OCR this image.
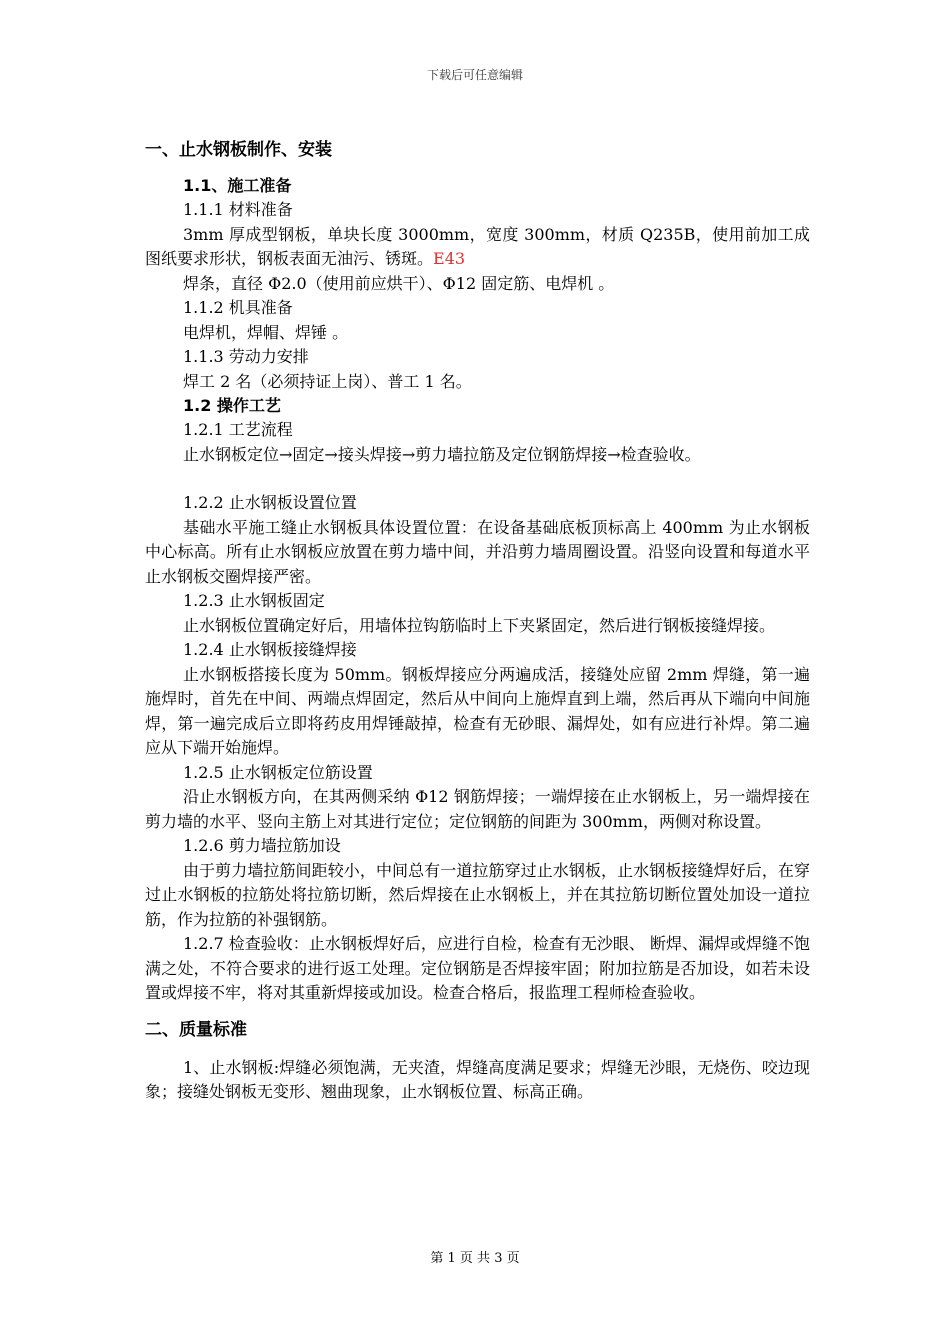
下载后可任意编辑

一、止水钢板制作、安装

1.1、施工准备

1.1.1 材料准备

3mm 厚成型钢板，单块长度 3000mm，宽度 300mm，材质 Q235B，使用前加工成图纸要求形状，钢板表面无油污、锈斑。E43

焊条，直径 Φ2.0（使用前应烘干）、Φ12 固定筋、电焊机 。

1.1.2 机具准备

电焊机，焊帽、焊锤 。

1.1.3 劳动力安排

焊工 2 名（必须持证上岗）、普工 1 名。

1.2 操作工艺

1.2.1 工艺流程

止水钢板定位→固定→接头焊接→剪力墙拉筋及定位钢筋焊接→检查验收。

1.2.2 止水钢板设置位置

基础水平施工缝止水钢板具体设置位置：在设备基础底板顶标高上 400mm 为止水钢板中心标高。所有止水钢板应放置在剪力墙中间，并沿剪力墙周圈设置。沿竖向设置和每道水平止水钢板交圈焊接严密。

1.2.3 止水钢板固定

止水钢板位置确定好后，用墙体拉钩筋临时上下夹紧固定，然后进行钢板接缝焊接。

1.2.4 止水钢板接缝焊接

止水钢板搭接长度为 50mm。钢板焊接应分两遍成活，接缝处应留 2mm 焊缝，第一遍施焊时，首先在中间、两端点焊固定，然后从中间向上施焊直到上端，然后再从下端向中间施焊，第一遍完成后立即将药皮用焊锤敲掉，检查有无砂眼、漏焊处，如有应进行补焊。第二遍应从下端开始施焊。

1.2.5 止水钢板定位筋设置

沿止水钢板方向，在其两侧采纳 Φ12 钢筋焊接；一端焊接在止水钢板上，另一端焊接在剪力墙的水平、竖向主筋上对其进行定位；定位钢筋的间距为 300mm，两侧对称设置。

1.2.6 剪力墙拉筋加设

由于剪力墙拉筋间距较小，中间总有一道拉筋穿过止水钢板，止水钢板接缝焊好后，在穿过止水钢板的拉筋处将拉筋切断，然后焊接在止水钢板上，并在其拉筋切断位置处加设一道拉筋，作为拉筋的补强钢筋。

1.2.7 检查验收：止水钢板焊好后，应进行自检，检查有无沙眼、 断焊、漏焊或焊缝不饱满之处，不符合要求的进行返工处理。定位钢筋是否焊接牢固；附加拉筋是否加设，如若未设置或焊接不牢，将对其重新焊接或加设。检查合格后，报监理工程师检查验收。

二、质量标准

1、止水钢板:焊缝必须饱满，无夹渣，焊缝高度满足要求；焊缝无沙眼，无烧伤、咬边现象；接缝处钢板无变形、翘曲现象，止水钢板位置、标高正确。

第 1 页 共 3 页
